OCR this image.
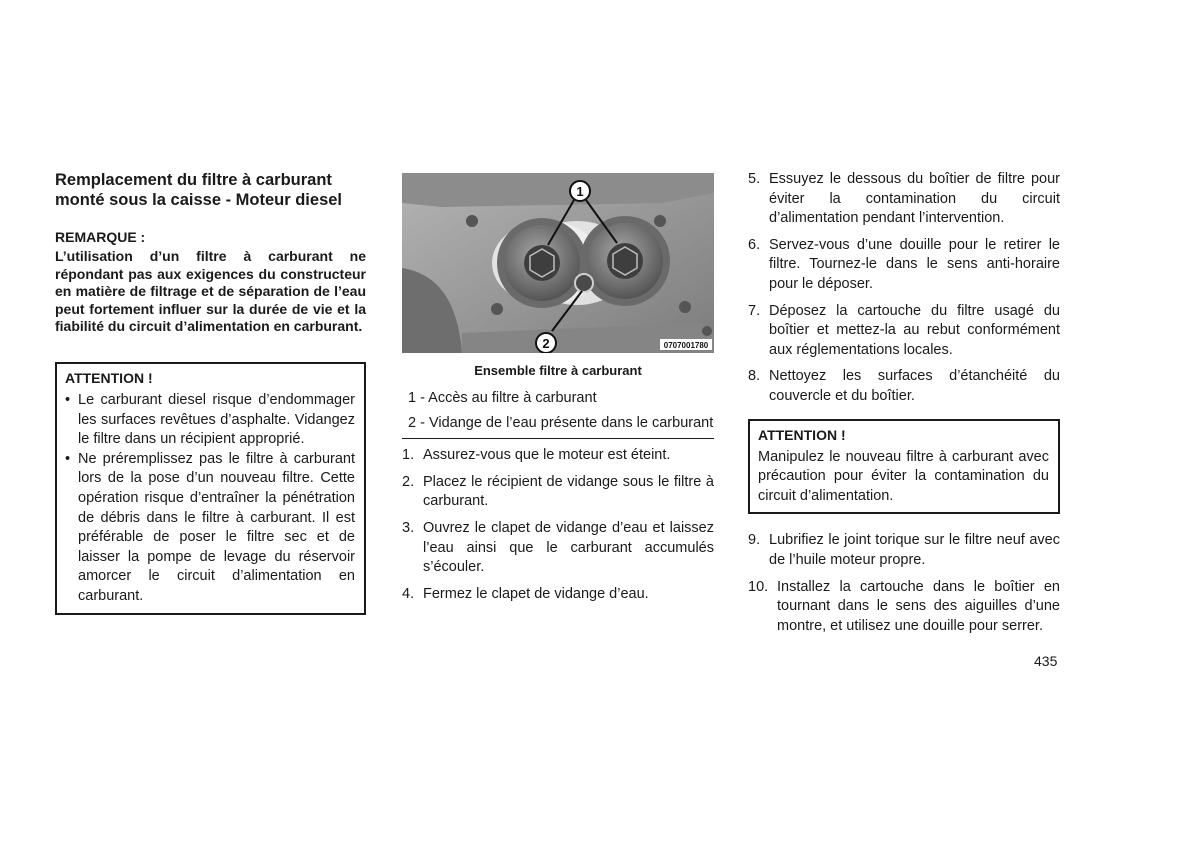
Remplacement du filtre à carburant monté sous la caisse - Moteur diesel
REMARQUE :
L’utilisation d’un filtre à carburant ne répondant pas aux exigences du constructeur en matière de filtrage et de séparation de l’eau peut fortement influer sur la durée de vie et la fiabilité du circuit d’alimentation en carburant.
ATTENTION !
• Le carburant diesel risque d’endommager les surfaces revêtues d’asphalte. Vidangez le filtre dans un récipient approprié.
• Ne préremplissez pas le filtre à carburant lors de la pose d’un nouveau filtre. Cette opération risque d’entraîner la pénétration de débris dans le filtre à carburant. Il est préférable de poser le filtre sec et de laisser la pompe de levage du réservoir amorcer le circuit d’alimentation en carburant.
1
2	0707001780
Ensemble filtre à carburant
1 - Accès au filtre à carburant
2 - Vidange de l’eau présente dans le carburant
1. Assurez-vous que le moteur est éteint.
2. Placez le récipient de vidange sous le filtre à carburant.
3. Ouvrez le clapet de vidange d’eau et laissez l’eau ainsi que le carburant accumulés s’écouler.
4. Fermez le clapet de vidange d’eau.
5. Essuyez le dessous du boîtier de filtre pour éviter la contamination du circuit d’alimentation pendant l’intervention.
6. Servez-vous d’une douille pour le retirer le filtre. Tournez-le dans le sens anti-horaire pour le déposer.
7. Déposez la cartouche du filtre usagé du boîtier et mettez-la au rebut conformément aux réglementations locales.
8. Nettoyez les surfaces d’étanchéité du couvercle et du boîtier.
ATTENTION !
Manipulez le nouveau filtre à carburant avec précaution pour éviter la contamination du circuit d’alimentation.
9. Lubrifiez le joint torique sur le filtre neuf avec de l’huile moteur propre.
10. Installez la cartouche dans le boîtier en tournant dans le sens des aiguilles d’une montre, et utilisez une douille pour serrer.
435
